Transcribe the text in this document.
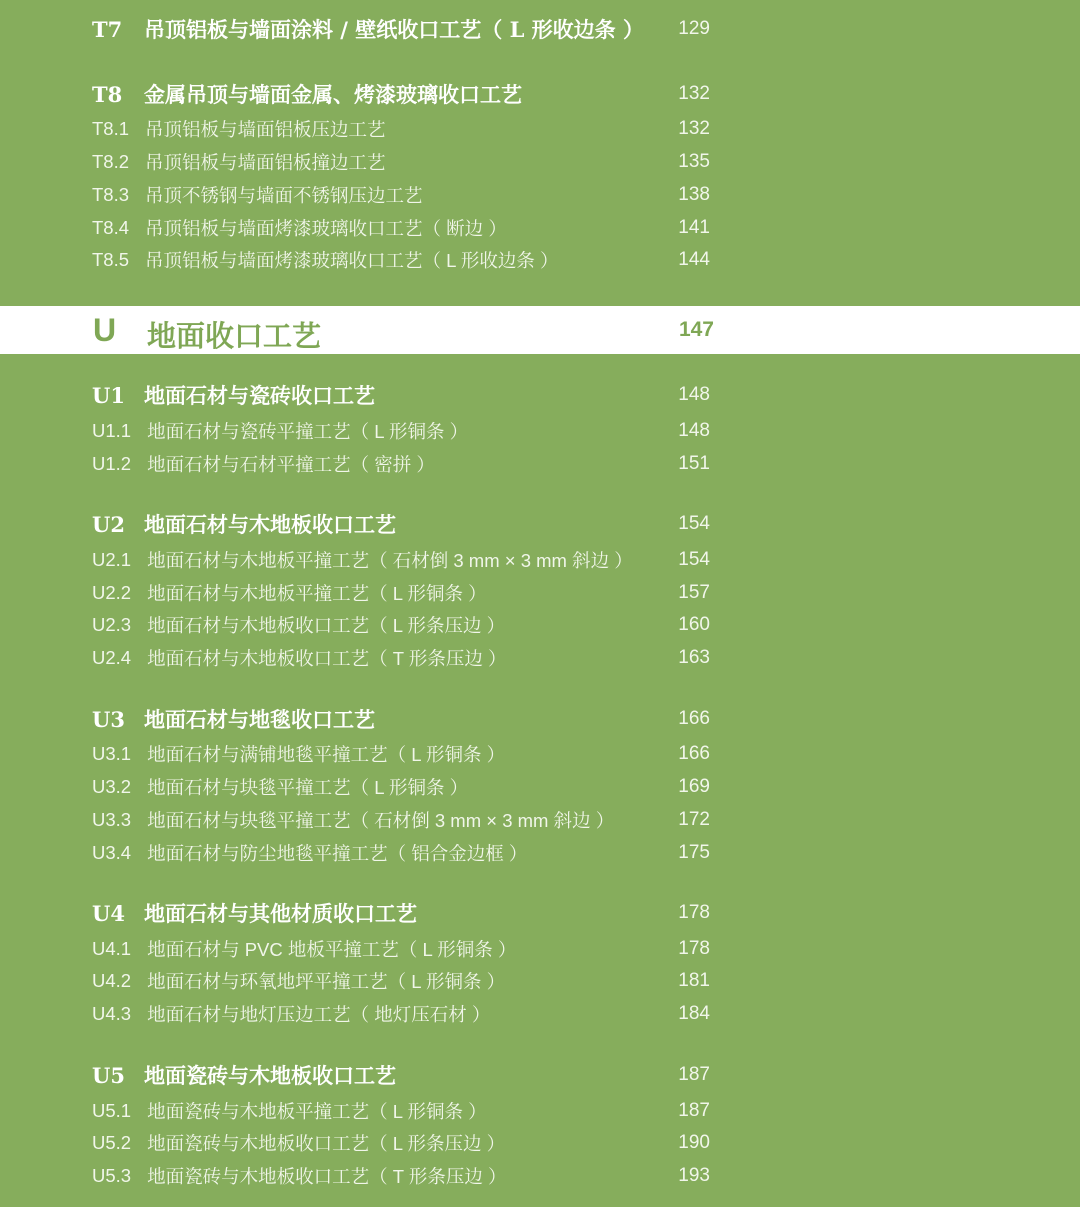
T7	吊顶铝板与墙面涂料 / 壁纸收口工艺（ L 形收边条 ） 129
T8	金属吊顶与墙面金属、烤漆玻璃收口工艺	132
T8.1 吊顶铝板与墙面铝板压边工艺	132
T8.2 吊顶铝板与墙面铝板撞边工艺	135
T8.3 吊顶不锈钢与墙面不锈钢压边工艺	138
T8.4 吊顶铝板与墙面烤漆玻璃收口工艺（ 断边 ）	141
T8.5 吊顶铝板与墙面烤漆玻璃收口工艺（ L 形收边条 ）	144
U 地面收口工艺	147
U1 地面石材与瓷砖收口工艺	148
U1.1 地面石材与瓷砖平撞工艺（ L 形铜条 ）	148
U1.2 地面石材与石材平撞工艺（ 密拼 ）	151
U2 地面石材与木地板收口工艺	154
U2.1 地面石材与木地板平撞工艺（ 石材倒 3 mm × 3 mm 斜边 ） 154
U2.2 地面石材与木地板平撞工艺（ L 形铜条 ）	157
U2.3 地面石材与木地板收口工艺（ L 形条压边 ）	160
U2.4 地面石材与木地板收口工艺（ T 形条压边 ）	163
U3 地面石材与地毯收口工艺	166
U3.1 地面石材与满铺地毯平撞工艺（ L 形铜条 ）	166
U3.2 地面石材与块毯平撞工艺（ L 形铜条 ）	169
U3.3 地面石材与块毯平撞工艺（ 石材倒 3 mm × 3 mm 斜边 ）	172
U3.4 地面石材与防尘地毯平撞工艺（ 铝合金边框 ）	175
U4 地面石材与其他材质收口工艺	178
U4.1 地面石材与 PVC 地板平撞工艺（ L 形铜条 ）	178
U4.2 地面石材与环氧地坪平撞工艺（ L 形铜条 ）	181
U4.3 地面石材与地灯压边工艺（ 地灯压石材 ）	184
U5 地面瓷砖与木地板收口工艺	187
U5.1 地面瓷砖与木地板平撞工艺（ L 形铜条 ）	187
U5.2 地面瓷砖与木地板收口工艺（ L 形条压边 ）	190
U5.3 地面瓷砖与木地板收口工艺（ T 形条压边 ）	193
